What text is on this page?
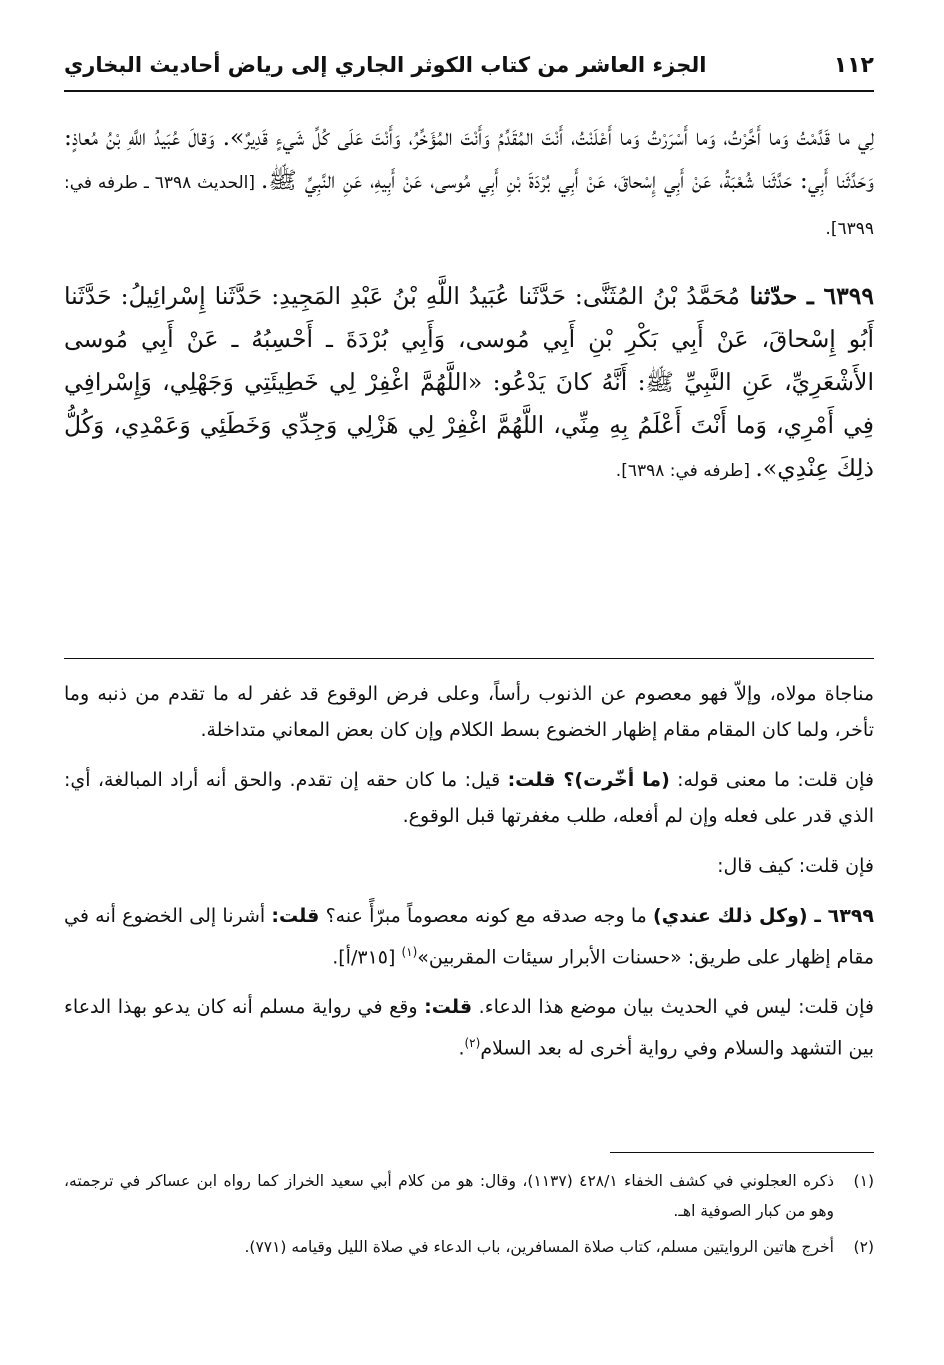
١١٢
الجزء العاشر من كتاب الكوثر الجاري إلى رياض أحاديث البخاري

لِي ما قَدَّمْتُ وَما أَخَّرْتُ، وَما أَسْرَرْتُ وَما أَعْلَنْتُ، أَنْتَ المُقَدِّمُ وَأَنْتَ المُؤَخِّرُ، وَأَنْتَ عَلَى كُلِّ شَيءٍ قَدِيرٌ». وَقالَ عُبَيدُ اللَّهِ بْنُ مُعاذٍ: وَحَدَّثَنا أَبِي: حَدَّثَنا شُعْبَةُ، عَنْ أَبِي إِسْحاقَ، عَنْ أَبِي بُرْدَةَ بْنِ أَبِي مُوسى، عَنْ أَبِيهِ، عَنِ النَّبِيِّ ﷺ. [الحديث ٦٣٩٨ ـ طرفه في: ٦٣٩٩].

٦٣٩٩ ـ حدّثنا مُحَمَّدُ بْنُ المُثَنَّى: حَدَّثَنا عُبَيدُ اللَّهِ بْنُ عَبْدِ المَجِيدِ: حَدَّثَنا إِسْرائِيلُ: حَدَّثَنا أَبُو إِسْحاقَ، عَنْ أَبِي بَكْرِ بْنِ أَبِي مُوسى، وَأَبِي بُرْدَةَ ـ أَحْسِبُهُ ـ عَنْ أَبِي مُوسى الأَشْعَرِيِّ، عَنِ النَّبِيِّ ﷺ: أَنَّهُ كانَ يَدْعُو: «اللَّهُمَّ اغْفِرْ لِي خَطِيئَتِي وَجَهْلِي، وَإِسْرافِي فِي أَمْرِي، وَما أَنْتَ أَعْلَمُ بِهِ مِنِّي، اللَّهُمَّ اغْفِرْ لِي هَزْلِي وَجِدِّي وَخَطَئِي وَعَمْدِي، وَكُلُّ ذلِكَ عِنْدِي». [طرفه في: ٦٣٩٨].

مناجاة مولاه، وإلاّ فهو معصوم عن الذنوب رأساً، وعلى فرض الوقوع قد غفر له ما تقدم من ذنبه وما تأخر، ولما كان المقام مقام إظهار الخضوع بسط الكلام وإن كان بعض المعاني متداخلة.

فإن قلت: ما معنى قوله: (ما أخّرت)؟ قلت: قيل: ما كان حقه إن تقدم. والحق أنه أراد المبالغة، أي: الذي قدر على فعله وإن لم أفعله، طلب مغفرتها قبل الوقوع.

فإن قلت: كيف قال:

٦٣٩٩ ـ (وكل ذلك عندي) ما وجه صدقه مع كونه معصوماً مبرّأً عنه؟ قلت: أشرنا إلى الخضوع أنه في مقام إظهار على طريق: «حسنات الأبرار سيئات المقربين»$^{(١)}$ [٣١٥/أ].

فإن قلت: ليس في الحديث بيان موضع هذا الدعاء. قلت: وقع في رواية مسلم أنه كان يدعو بهذا الدعاء بين التشهد والسلام وفي رواية أخرى له بعد السلام$^{(٢)}$.

(١)
ذكره العجلوني في كشف الخفاء ٤٢٨/١ (١١٣٧)، وقال: هو من كلام أبي سعيد الخراز كما رواه ابن عساكر في ترجمته، وهو من كبار الصوفية اهـ.
(٢)
أخرج هاتين الروايتين مسلم، كتاب صلاة المسافرين، باب الدعاء في صلاة الليل وقيامه (٧٧١).
